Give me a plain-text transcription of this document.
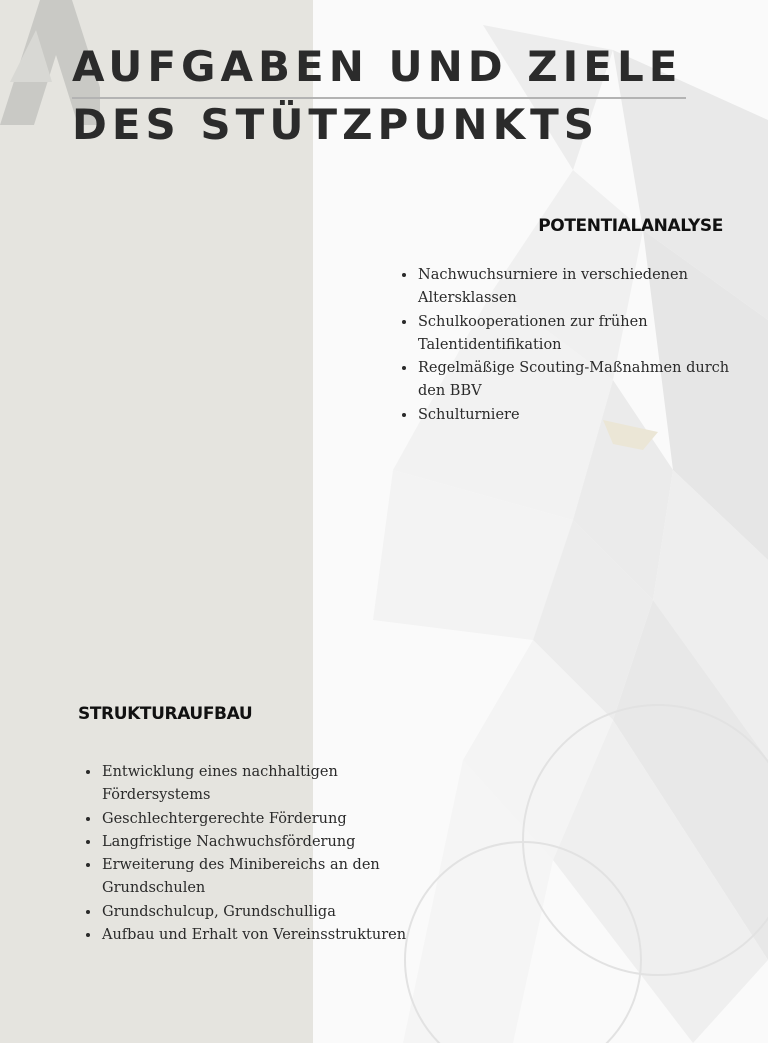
AUFGABEN UND ZIELE
DES STÜTZPUNKTS
POTENTIALANALYSE
• Nachwuchsurniere in verschiedenen Altersklassen
• Schulkooperationen zur frühen Talentidentifikation
• Regelmäßige Scouting-Maßnahmen durch den BBV
• Schulturniere
STRUKTURAUFBAU
• Entwicklung eines nachhaltigen Fördersystems
• Geschlechtergerechte Förderung
• Langfristige Nachwuchsförderung
• Erweiterung des Minibereichs an den Grundschulen
• Grundschulcup, Grundschulliga
• Aufbau und Erhalt von Vereinsstrukturen
